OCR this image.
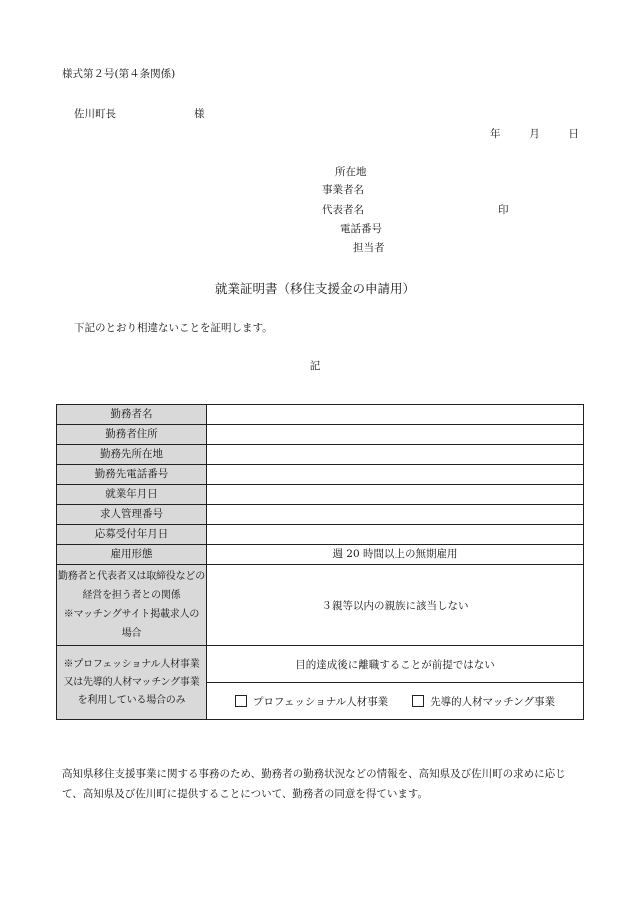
様式第２号(第４条関係)
佐川町長	様
年	月	日
所在地
事業者名
代表者名	印
電話番号
担当者
就業証明書（移住支援金の申請用）
下記のとおり相違ないことを証明します。
記
勤務者名	
勤務者住所	
勤務先所在地	
勤務先電話番号	
就業年月日	
求人管理番号	
応募受付年月日	
雇用形態	週 20 時間以上の無期雇用

勤務者と代表者又は取締役などの
経営を担う者との関係
※マッチングサイト掲載求人の
場合	３親等以内の親族に該当しない

※プロフェッショナル人材事業
又は先導的人材マッチング事業
を利用している場合のみ	目的達成後に離職することが前提ではない

	プロフェッショナル人材事業 先導的人材マッチング事業
高知県移住支援事業に関する事務のため、勤務者の勤務状況などの情報を、高知県及び佐川町の求めに応じて、高知県及び佐川町に提供することについて、勤務者の同意を得ています。
